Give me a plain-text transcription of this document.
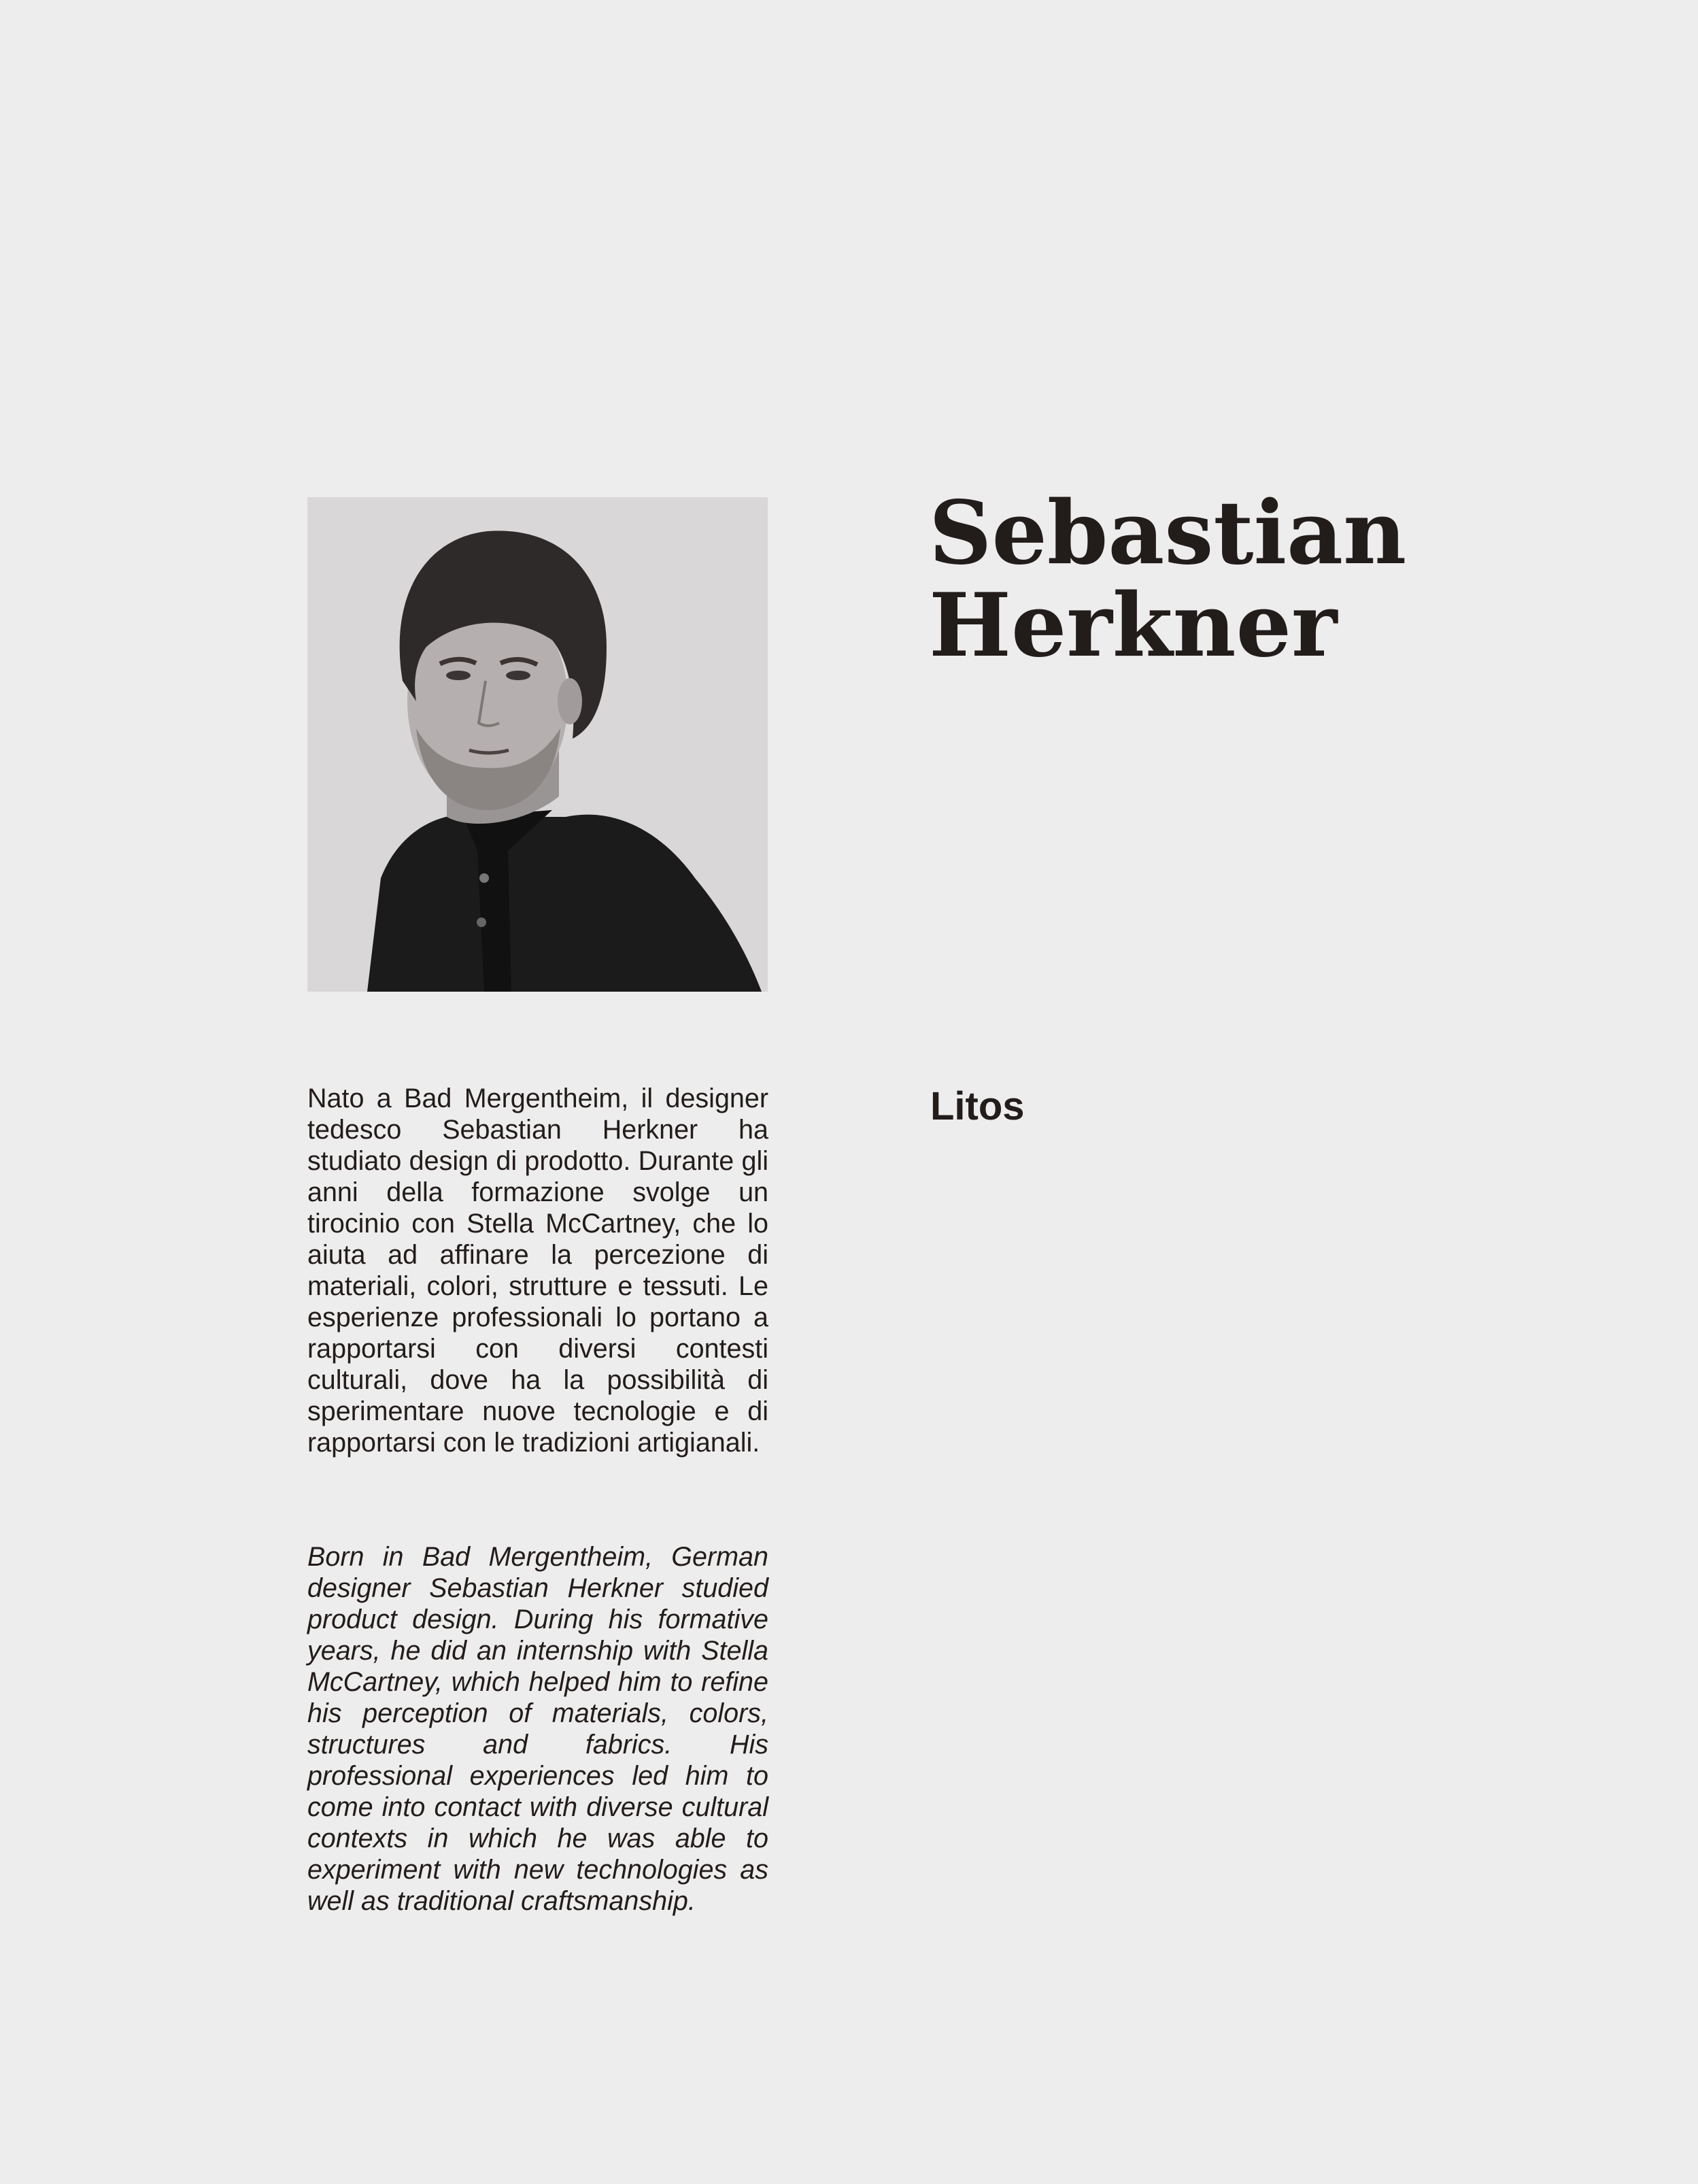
Sebastian
Herkner
Litos

Nato a Bad Mergentheim, il designer tedesco Sebastian Herkner ha studiato design di prodotto. Durante gli anni della formazione svolge un tirocinio con Stella McCartney, che lo aiuta ad affinare la percezione di materiali, colori, strutture e tessuti. Le esperienze professionali lo portano a rapportarsi con diversi contesti culturali, dove ha la possibilità di sperimentare nuove tecnologie e di rapportarsi con le tradizioni artigianali.

Born in Bad Mergentheim, German designer Sebastian Herkner studied product design. During his formative years, he did an internship with Stella McCartney, which helped him to refine his perception of materials, colors, structures and fabrics. His professional experiences led him to come into contact with diverse cultural contexts in which he was able to experiment with new technologies as well as traditional craftsmanship.
